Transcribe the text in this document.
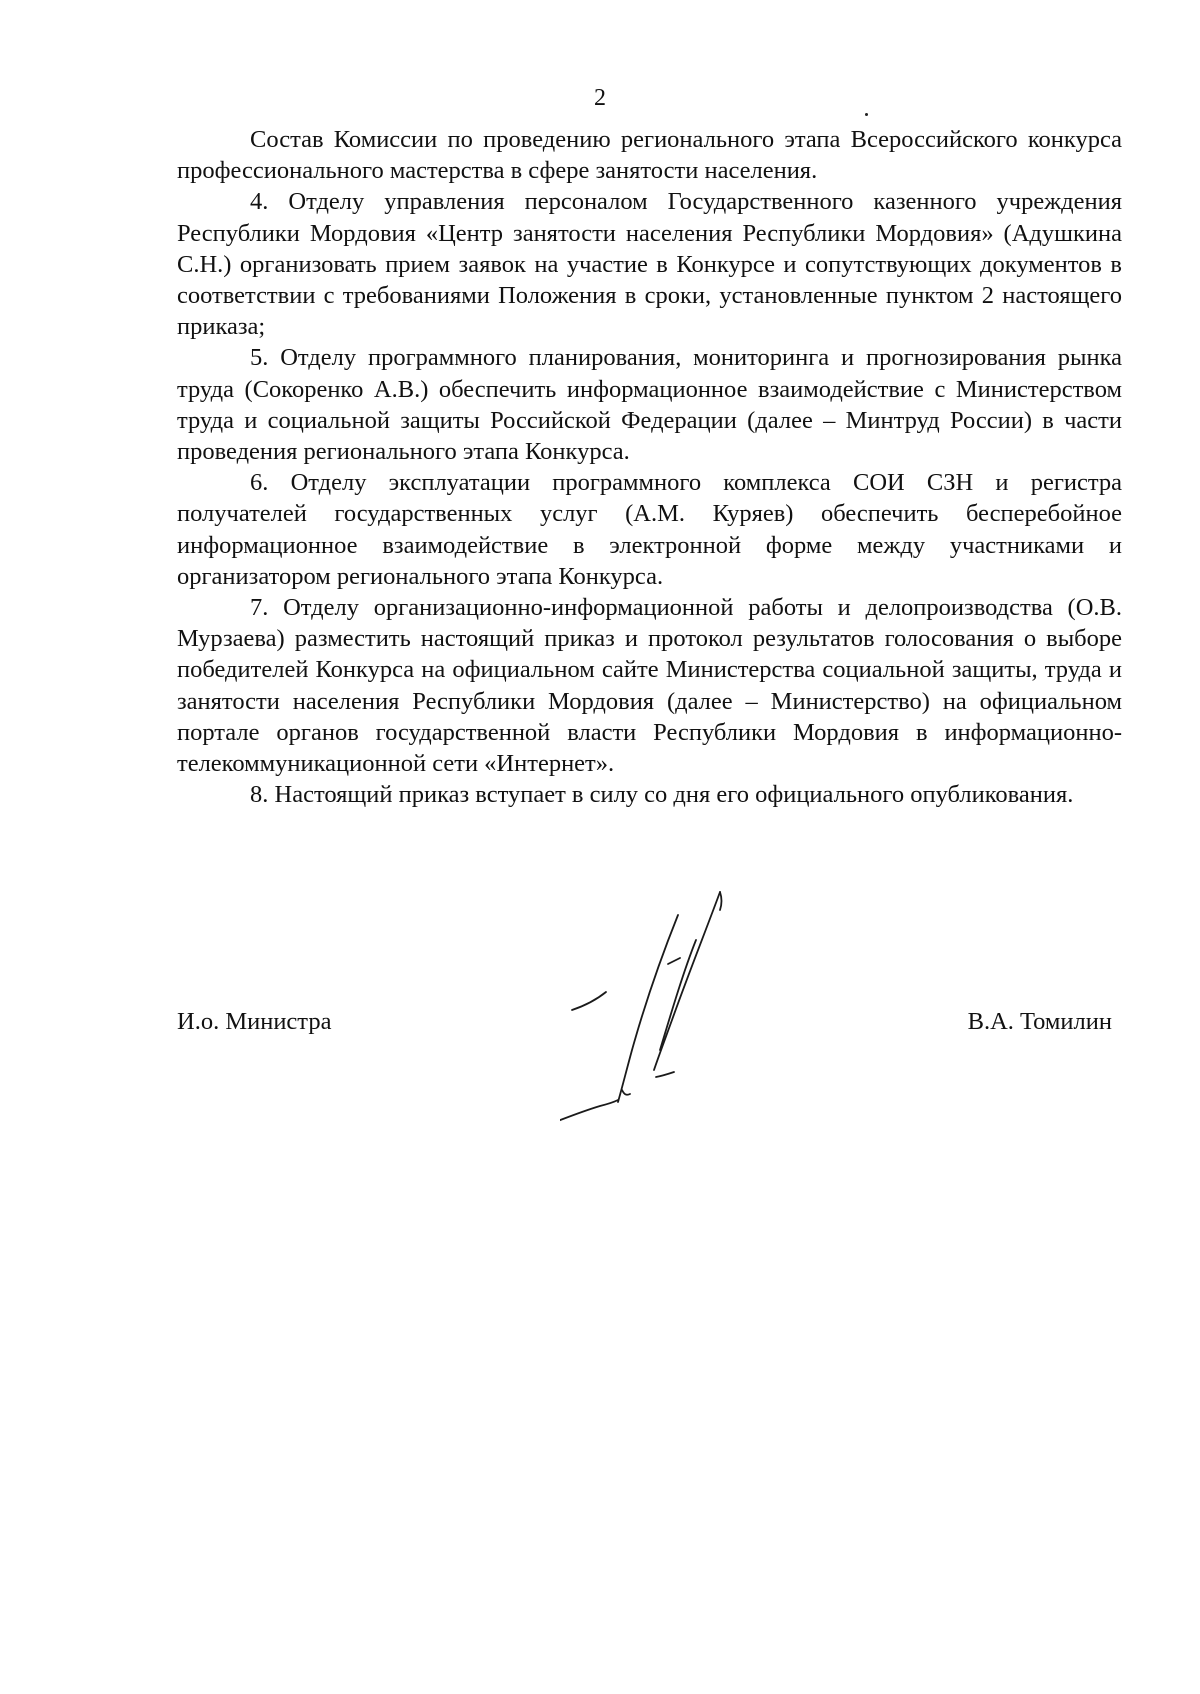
2

Состав Комиссии по проведению регионального этапа Всероссийского конкурса профессионального мастерства в сфере занятости населения.

4. Отделу управления персоналом Государственного казенного учреждения Республики Мордовия «Центр занятости населения Республики Мордовия» (Адушкина С.Н.) организовать прием заявок на участие в Конкурсе и сопутствующих документов в соответствии с требованиями Положения в сроки, установленные пунктом 2 настоящего приказа;

5. Отделу программного планирования, мониторинга и прогнозирования рынка труда (Сокоренко А.В.) обеспечить информационное взаимодействие с Министерством труда и социальной защиты Российской Федерации (далее – Минтруд России) в части проведения регионального этапа Конкурса.

6. Отделу эксплуатации программного комплекса СОИ СЗН и регистра получателей государственных услуг (А.М. Куряев) обеспечить бесперебойное информационное взаимодействие в электронной форме между участниками и организатором регионального этапа Конкурса.

7. Отделу организационно-информационной работы и делопроизводства (О.В. Мурзаева) разместить настоящий приказ и протокол результатов голосования о выборе победителей Конкурса на официальном сайте Министерства социальной защиты, труда и занятости населения Республики Мордовия (далее – Министерство) на официальном портале органов государственной власти Республики Мордовия в информационно-телекоммуникационной сети «Интернет».

8. Настоящий приказ вступает в силу со дня его официального опубликования.

И.о. Министра	В.А. Томилин
